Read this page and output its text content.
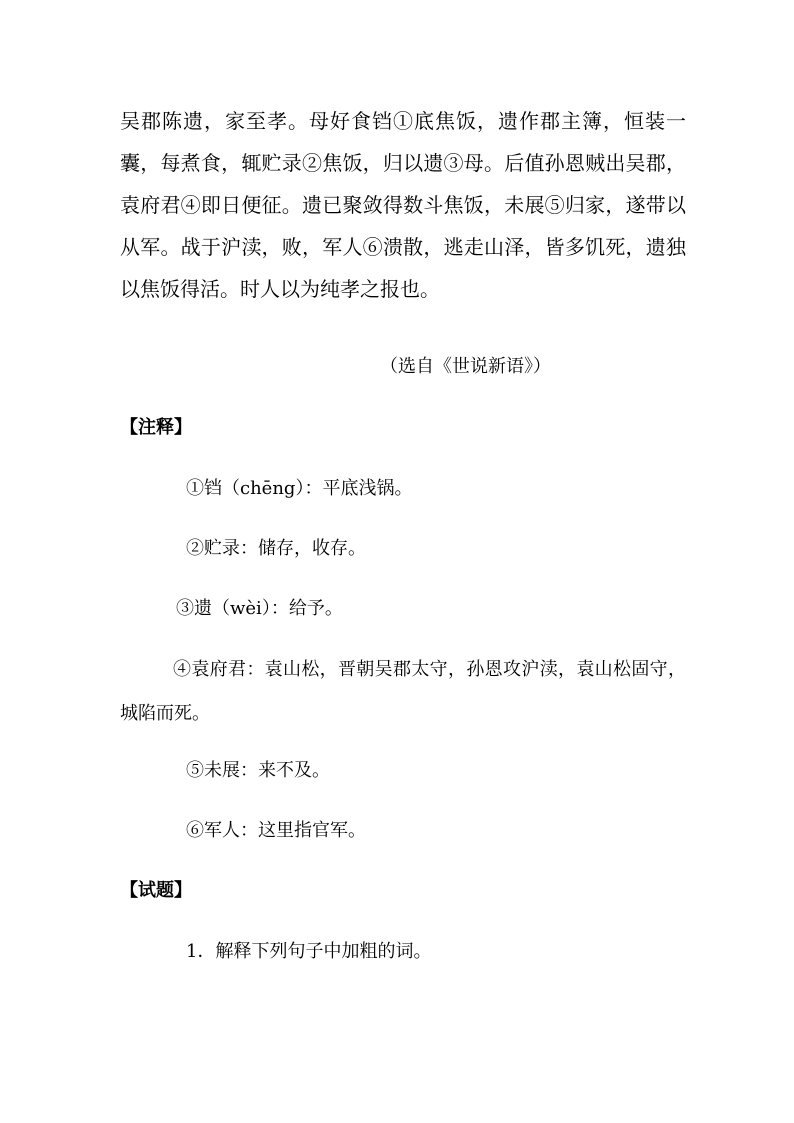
吴郡陈遗，家至孝。母好食铛①底焦饭，遗作郡主簿，恒装一囊，每煮食，辄贮录②焦饭，归以遗③母。后值孙恩贼出吴郡，袁府君④即日便征。遗已聚敛得数斗焦饭，未展⑤归家，遂带以从军。战于沪渎，败，军人⑥溃散，逃走山泽，皆多饥死，遗独以焦饭得活。时人以为纯孝之报也。

（选自《世说新语》）
【注释】
①铛（chēng）：平底浅锅。
②贮录：储存，收存。
③遗（wèi）：给予。

④袁府君：袁山松，晋朝吴郡太守，孙恩攻沪渎，袁山松固守，城陷而死。

⑤未展：来不及。
⑥军人：这里指官军。
【试题】
1．解释下列句子中加粗的词。
